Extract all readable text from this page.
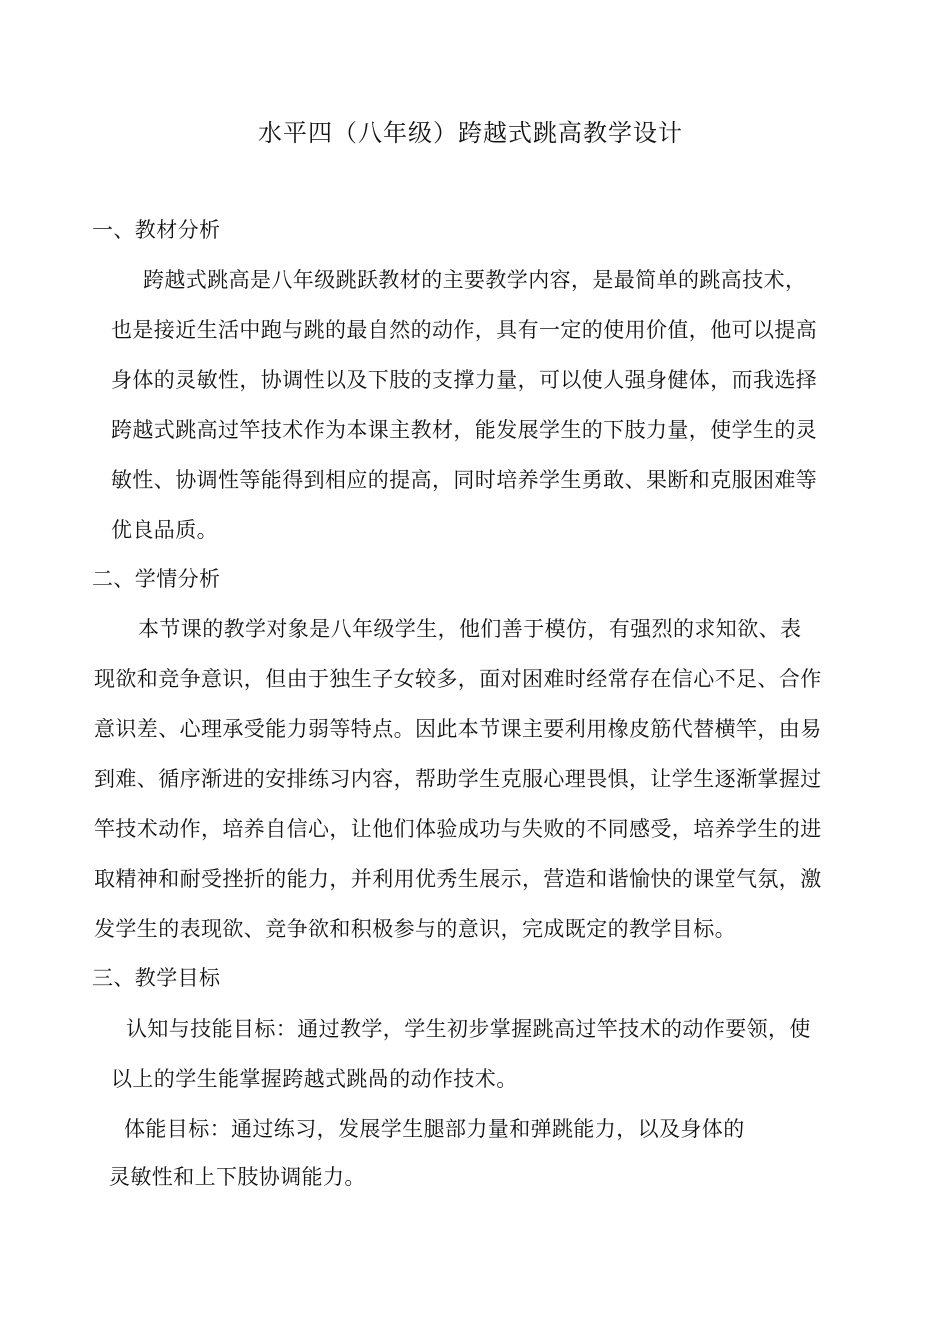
水平四（八年级）跨越式跳高教学设计
一、教材分析
跨越式跳高是八年级跳跃教材的主要教学内容，是最简单的跳高技术，
也是接近生活中跑与跳的最自然的动作，具有一定的使用价值，他可以提高
身体的灵敏性，协调性以及下肢的支撑力量，可以使人强身健体，而我选择
跨越式跳高过竿技术作为本课主教材，能发展学生的下肢力量，使学生的灵
敏性、协调性等能得到相应的提高，同时培养学生勇敢、果断和克服困难等
优良品质。
二、学情分析
本节课的教学对象是八年级学生，他们善于模仿，有强烈的求知欲、表
现欲和竞争意识，但由于独生子女较多，面对困难时经常存在信心不足、合作
意识差、心理承受能力弱等特点。因此本节课主要利用橡皮筋代替横竿，由易
到难、循序渐进的安排练习内容，帮助学生克服心理畏惧，让学生逐渐掌握过
竿技术动作，培养自信心，让他们体验成功与失败的不同感受，培养学生的进
取精神和耐受挫折的能力，并利用优秀生展示，营造和谐愉快的课堂气氛，激
发学生的表现欲、竞争欲和积极参与的意识，完成既定的教学目标。
三、教学目标
认知与技能目标：通过教学，学生初步掌握跳高过竿技术的动作要领，使
以上的学生能掌握跨越式跳咼的动作技术。
体能目标：通过练习，发展学生腿部力量和弹跳能力，以及身体的
灵敏性和上下肢协调能力。
